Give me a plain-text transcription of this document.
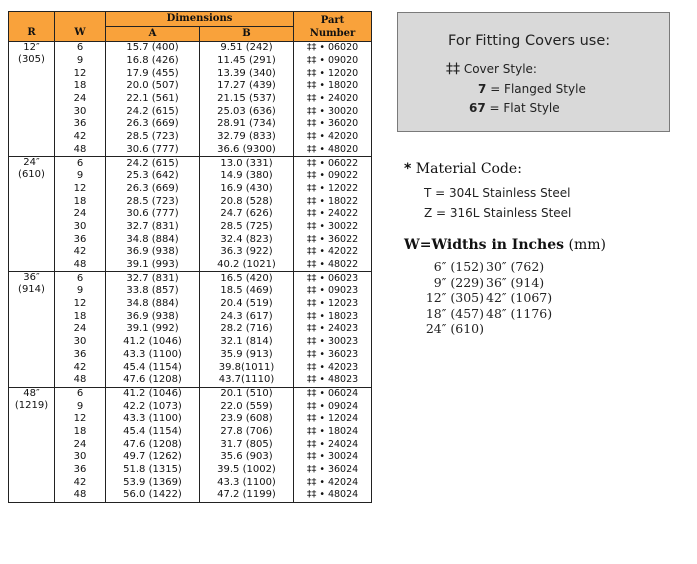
R	W	Dimensions		Part
Number
		A	B	

12″
(305)	6	15.7 (400)	9.51 (242)	‡‡ • 06020
	9	16.8 (426)	11.45 (291)	‡‡ • 09020
	12	17.9 (455)	13.39 (340)	‡‡ • 12020
	18	20.0 (507)	17.27 (439)	‡‡ • 18020
	24	22.1 (561)	21.15 (537)	‡‡ • 24020
	30	24.2 (615)	25.03 (636)	‡‡ • 30020
	36	26.3 (669)	28.91 (734)	‡‡ • 36020
	42	28.5 (723)	32.79 (833)	‡‡ • 42020
	48	30.6 (777)	36.6 (9300)	‡‡ • 48020

24″
(610)	6	24.2 (615)	13.0 (331)	‡‡ • 06022
	9	25.3 (642)	14.9 (380)	‡‡ • 09022
	12	26.3 (669)	16.9 (430)	‡‡ • 12022
	18	28.5 (723)	20.8 (528)	‡‡ • 18022
	24	30.6 (777)	24.7 (626)	‡‡ • 24022
	30	32.7 (831)	28.5 (725)	‡‡ • 30022
	36	34.8 (884)	32.4 (823)	‡‡ • 36022
	42	36.9 (938)	36.3 (922)	‡‡ • 42022
	48	39.1 (993)	40.2 (1021)	‡‡ • 48022

36″
(914)	6	32.7 (831)	16.5 (420)	‡‡ • 06023
	9	33.8 (857)	18.5 (469)	‡‡ • 09023
	12	34.8 (884)	20.4 (519)	‡‡ • 12023
	18	36.9 (938)	24.3 (617)	‡‡ • 18023
	24	39.1 (992)	28.2 (716)	‡‡ • 24023
	30	41.2 (1046)	32.1 (814)	‡‡ • 30023
	36	43.3 (1100)	35.9 (913)	‡‡ • 36023
	42	45.4 (1154)	39.8(1011)	‡‡ • 42023
	48	47.6 (1208)	43.7(1110)	‡‡ • 48023

48″
(1219)	6	41.2 (1046)	20.1 (510)	‡‡ • 06024
	9	42.2 (1073)	22.0 (559)	‡‡ • 09024
	12	43.3 (1100)	23.9 (608)	‡‡ • 12024
	18	45.4 (1154)	27.8 (706)	‡‡ • 18024
	24	47.6 (1208)	31.7 (805)	‡‡ • 24024
	30	49.7 (1262)	35.6 (903)	‡‡ • 30024
	36	51.8 (1315)	39.5 (1002)	‡‡ • 36024
	42	53.9 (1369)	43.3 (1100)	‡‡ • 42024
	48	56.0 (1422)	47.2 (1199)	‡‡ • 48024
For Fitting Covers use:
‡‡ Cover Style:
7 = Flanged Style
67 = Flat Style
* Material Code:
T = 304L Stainless Steel
Z = 316L Stainless Steel
W=Widths in Inches (mm)
6″ (152)
9″ (229)
12″ (305)
18″ (457)
24″ (610)
30″ (762)
36″ (914)
42″ (1067)
48″ (1176)
